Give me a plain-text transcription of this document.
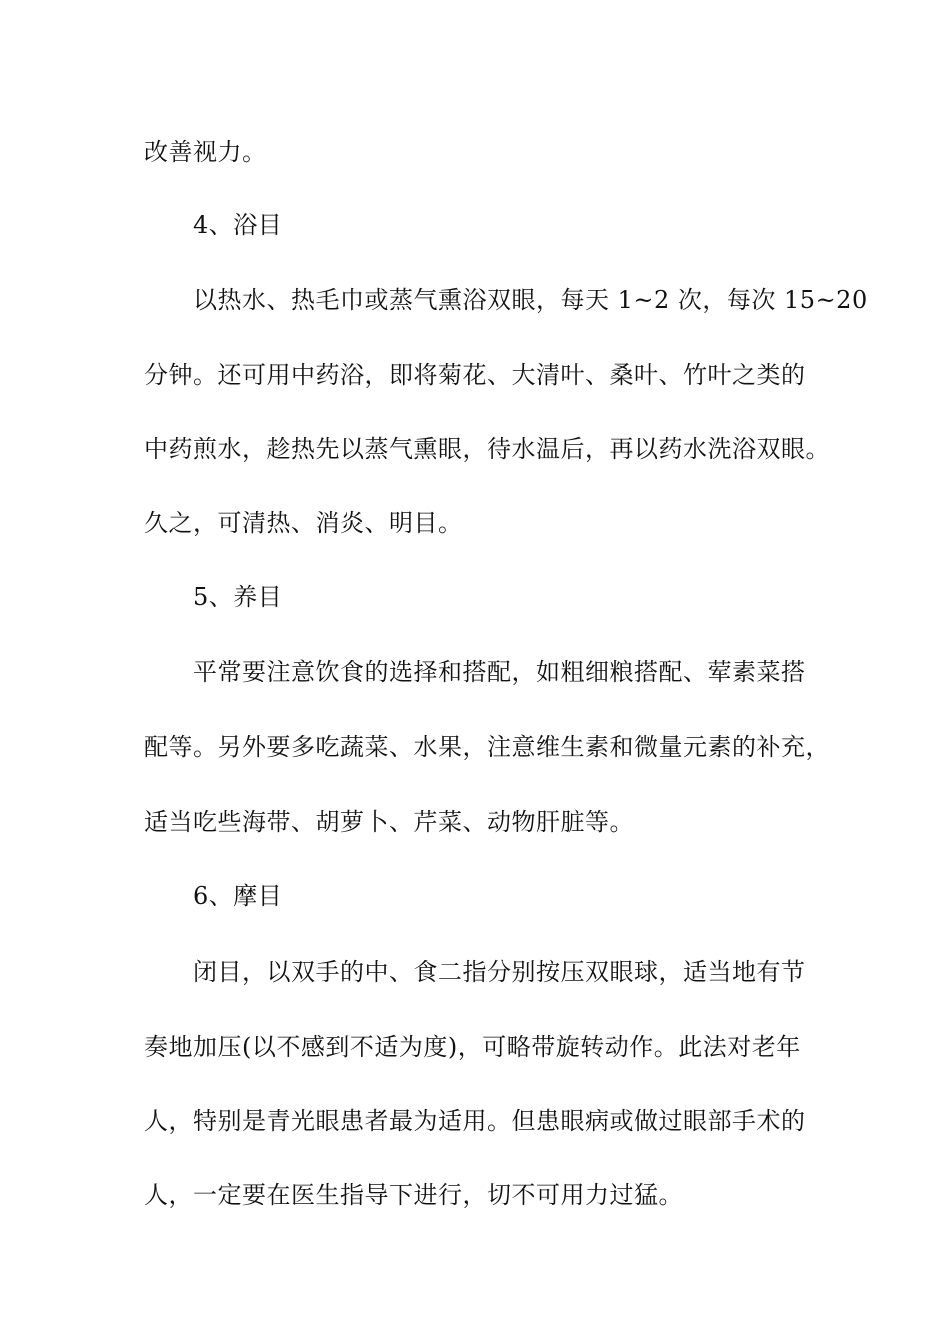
改善视力。
4、浴目
以热水、热毛巾或蒸气熏浴双眼，每天 1~2 次，每次 15~20
分钟。还可用中药浴，即将菊花、大清叶、桑叶、竹叶之类的
中药煎水，趁热先以蒸气熏眼，待水温后，再以药水洗浴双眼。
久之，可清热、消炎、明目。
5、养目
平常要注意饮食的选择和搭配，如粗细粮搭配、荤素菜搭
配等。另外要多吃蔬菜、水果，注意维生素和微量元素的补充，
适当吃些海带、胡萝卜、芹菜、动物肝脏等。
6、摩目
闭目，以双手的中、食二指分别按压双眼球，适当地有节
奏地加压(以不感到不适为度)，可略带旋转动作。此法对老年
人，特别是青光眼患者最为适用。但患眼病或做过眼部手术的
人，一定要在医生指导下进行，切不可用力过猛。
